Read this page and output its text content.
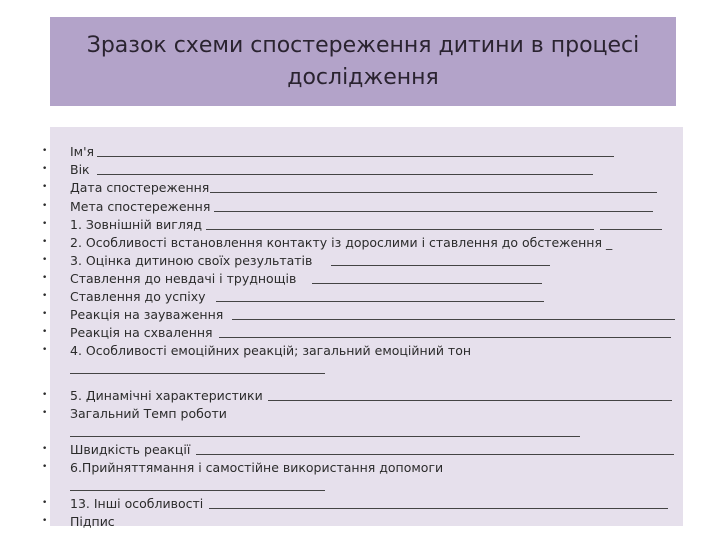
Зразок схеми спостереження дитини в процесі
дослідження
•	Ім'я
•	Вік
•	Дата спостереження
•	Мета спостереження
•	1. Зовнішній вигляд
•	2. Особливості встановлення контакту із дорослими і ставлення до обстеження _
•	3. Оцінка дитиною своїх результатів
•	Ставлення до невдачі і труднощів
•	Ставлення до успіху
•	Реакція на зауваження
•	Реакція на схвалення
•	4. Особливості емоційних реакцій; загальний емоційний тон
•	5. Динамічні характеристики
•	Загальний Темп роботи
•	Швидкість реакції
•	6.Прийняттямання і самостійне використання допомоги
•	13. Інші особливості
•	Підпис
